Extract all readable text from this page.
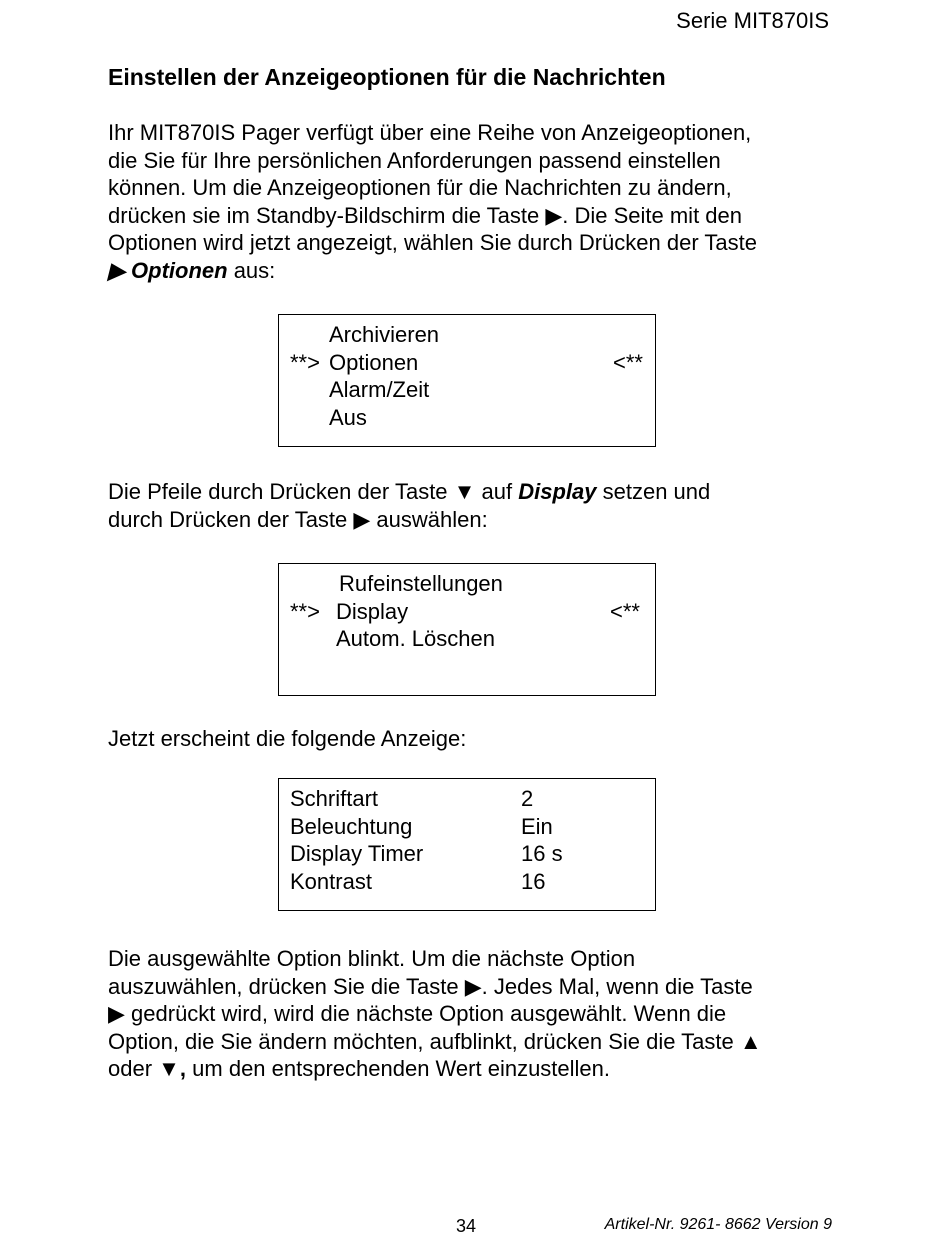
Serie MIT870IS
Einstellen der Anzeigeoptionen für die Nachrichten
Ihr MIT870IS Pager verfügt über eine Reihe von Anzeigeoptionen,
die Sie für Ihre persönlichen Anforderungen passend einstellen
können. Um die Anzeigeoptionen für die Nachrichten zu ändern,
drücken sie im Standby-Bildschirm die Taste ▶. Die Seite mit den
Optionen wird jetzt angezeigt, wählen Sie durch Drücken der Taste
▶ Optionen aus:
Archivieren
**> Optionen	<**
Alarm/Zeit
Aus
Die Pfeile durch Drücken der Taste ▼ auf Display setzen und
durch Drücken der Taste ▶ auswählen:
Rufeinstellungen
**> Display	<**
Autom. Löschen
Jetzt erscheint die folgende Anzeige:
Schriftart	2
Beleuchtung	Ein
Display Timer	16 s
Kontrast	16
Die ausgewählte Option blinkt. Um die nächste Option
auszuwählen, drücken Sie die Taste ▶. Jedes Mal, wenn die Taste
▶ gedrückt wird, wird die nächste Option ausgewählt. Wenn die
Option, die Sie ändern möchten, aufblinkt, drücken Sie die Taste ▲
oder ▼, um den entsprechenden Wert einzustellen.
34	Artikel-Nr. 9261- 8662 Version 9
